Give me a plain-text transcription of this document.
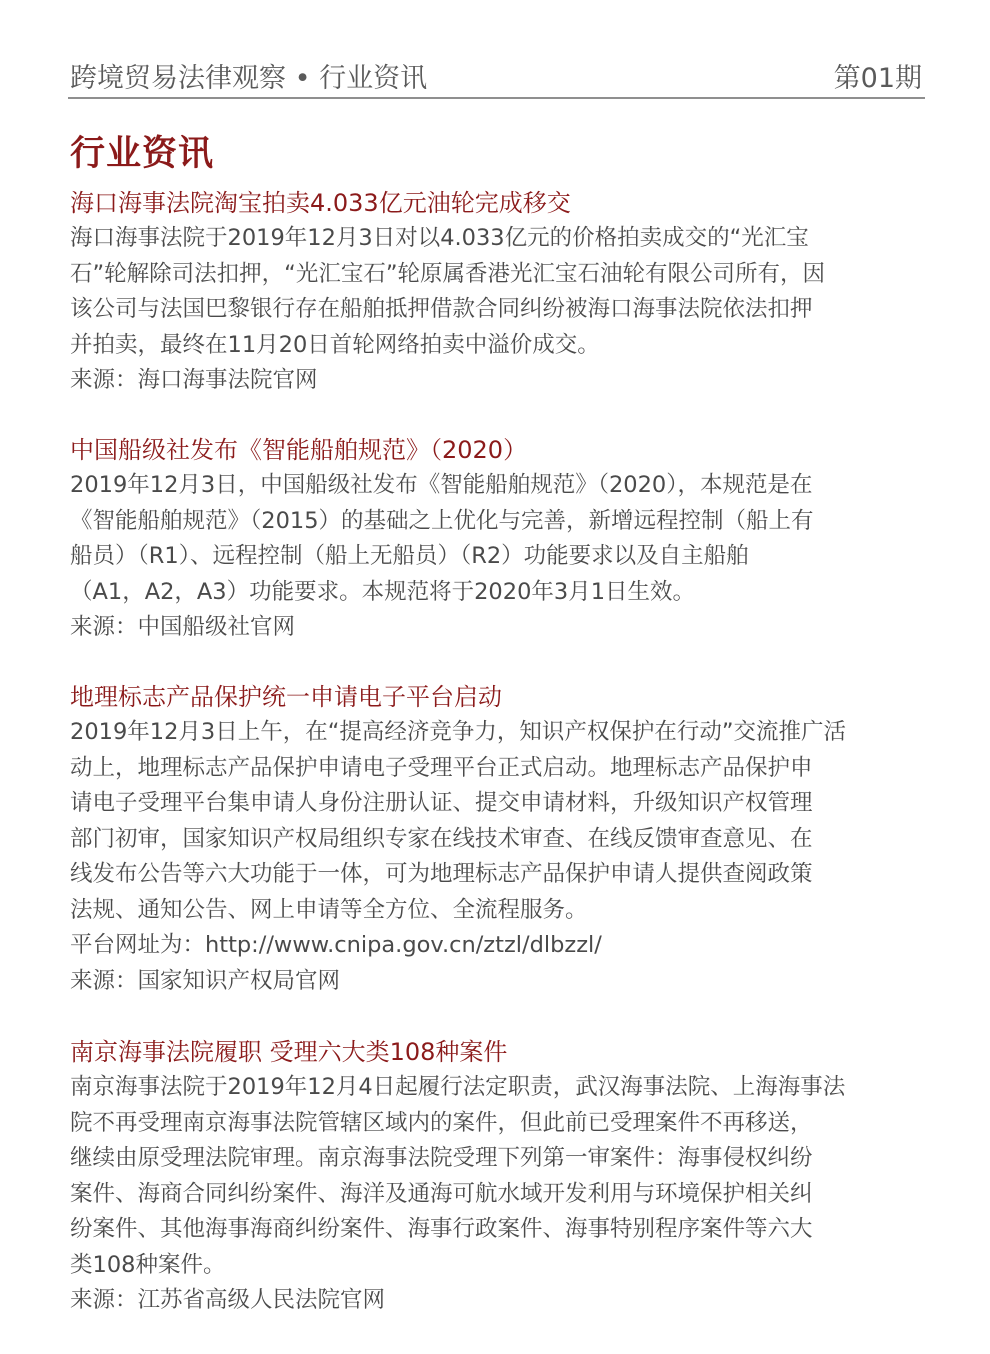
跨境贸易法律观察 • 行业资讯	第01期
行业资讯
海口海事法院淘宝拍卖4.033亿元油轮完成移交
海口海事法院于2019年12月3日对以4.033亿元的价格拍卖成交的“光汇宝
石”轮解除司法扣押，“光汇宝石”轮原属香港光汇宝石油轮有限公司所有，因
该公司与法国巴黎银行存在船舶抵押借款合同纠纷被海口海事法院依法扣押
并拍卖，最终在11月20日首轮网络拍卖中溢价成交。
来源：海口海事法院官网
中国船级社发布《智能船舶规范》（2020）
2019年12月3日，中国船级社发布《智能船舶规范》（2020），本规范是在
《智能船舶规范》（2015）的基础之上优化与完善，新增远程控制（船上有
船员）（R1）、远程控制（船上无船员）（R2）功能要求以及自主船舶
（A1，A2，A3）功能要求。本规范将于2020年3月1日生效。
来源：中国船级社官网
地理标志产品保护统一申请电子平台启动
2019年12月3日上午，在“提高经济竞争力，知识产权保护在行动”交流推广活
动上，地理标志产品保护申请电子受理平台正式启动。地理标志产品保护申
请电子受理平台集申请人身份注册认证、提交申请材料，升级知识产权管理
部门初审，国家知识产权局组织专家在线技术审查、在线反馈审查意见、在
线发布公告等六大功能于一体，可为地理标志产品保护申请人提供查阅政策
法规、通知公告、网上申请等全方位、全流程服务。
平台网址为：http://www.cnipa.gov.cn/ztzl/dlbzzl/
来源：国家知识产权局官网
南京海事法院履职 受理六大类108种案件
南京海事法院于2019年12月4日起履行法定职责，武汉海事法院、上海海事法
院不再受理南京海事法院管辖区域内的案件，但此前已受理案件不再移送，
继续由原受理法院审理。南京海事法院受理下列第一审案件：海事侵权纠纷
案件、海商合同纠纷案件、海洋及通海可航水域开发利用与环境保护相关纠
纷案件、其他海事海商纠纷案件、海事行政案件、海事特别程序案件等六大
类108种案件。
来源：江苏省高级人民法院官网
